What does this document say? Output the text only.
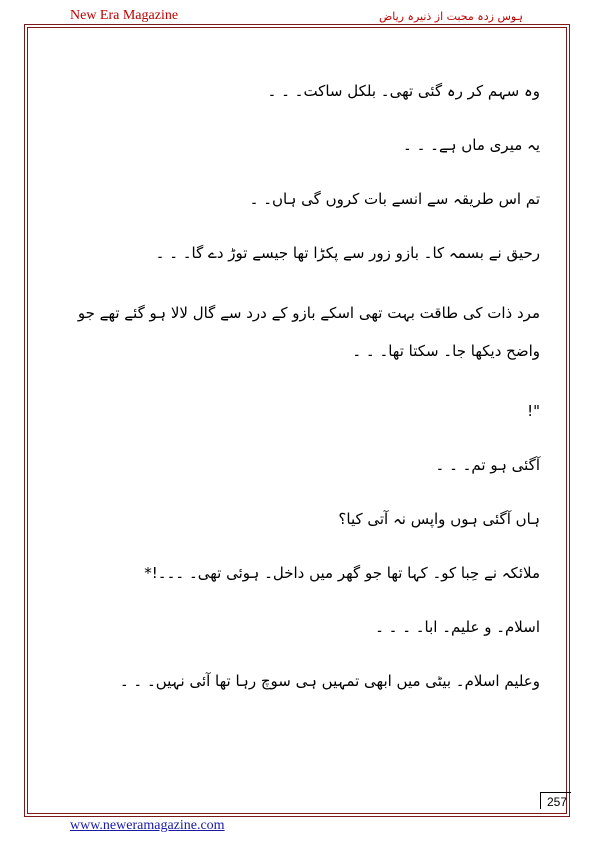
New Era Magazine	ہوس زدہ محبت از ذنیرہ ریاض
وہ سہم کر رہ گئی تھی۔ بلکل ساکت۔ ۔ ۔
یہ میری ماں ہے۔ ۔ ۔
تم اس طریقہ سے انسے بات کروں گی ہاں۔ ۔
رحیق نے بسمہ کا۔ بازو زور سے پکڑا تھا جیسے توڑ دے گا۔ ۔ ۔
مرد ذات کی طاقت بہت تھی اسکے بازو کے درد سے گال لالا ہو گئے تھے جو واضح دیکھا جا۔ سکتا تھا۔ ۔ ۔
"!
آگئی ہو تم۔ ۔ ۔
ہاں آگئی ہوں واپس نہ آتی کیا؟
ملائکہ نے حِبا کو۔ کہا تھا جو گھر میں داخل۔ ہوئی تھی۔ ۔۔۔!*
اسلام۔ و علیم۔ ابا۔ ۔ ۔ ۔
وعلیم اسلام۔ بیٹی میں ابھی تمہیں ہی سوچ رہا تھا آئی نہیں۔ ۔ ۔
257
www.neweramagazine.com
